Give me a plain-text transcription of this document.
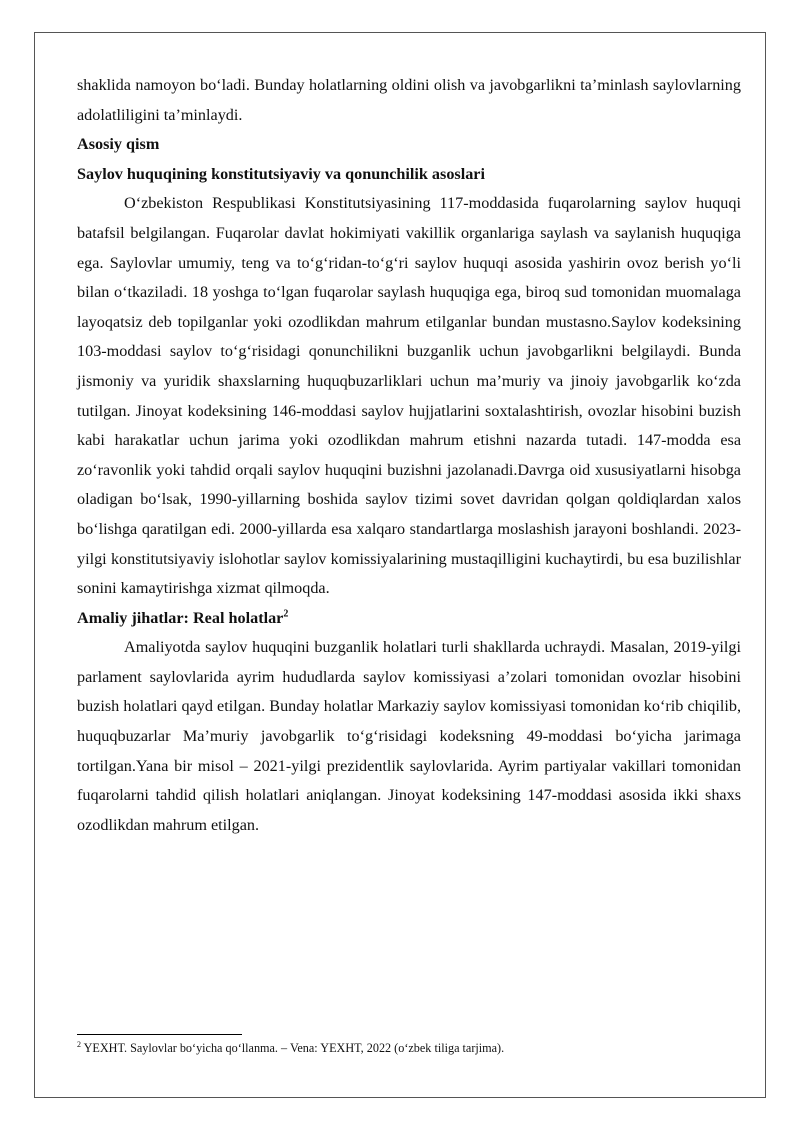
shaklida namoyon bo‘ladi. Bunday holatlarning oldini olish va javobgarlikni ta’minlash saylovlarning adolatliligini ta’minlaydi.

Asosiy qism

Saylov huquqining konstitutsiyaviy va qonunchilik asoslari

O‘zbekiston Respublikasi Konstitutsiyasining 117-moddasida fuqarolarning saylov huquqi batafsil belgilangan. Fuqarolar davlat hokimiyati vakillik organlariga saylash va saylanish huquqiga ega. Saylovlar umumiy, teng va to‘g‘ridan-to‘g‘ri saylov huquqi asosida yashirin ovoz berish yo‘li bilan o‘tkaziladi. 18 yoshga to‘lgan fuqarolar saylash huquqiga ega, biroq sud tomonidan muomalaga layoqatsiz deb topilganlar yoki ozodlikdan mahrum etilganlar bundan mustasno.Saylov kodeksining 103-moddasi saylov to‘g‘risidagi qonunchilikni buzganlik uchun javobgarlikni belgilaydi. Bunda jismoniy va yuridik shaxslarning huquqbuzarliklari uchun ma’muriy va jinoiy javobgarlik ko‘zda tutilgan. Jinoyat kodeksining 146-moddasi saylov hujjatlarini soxtalashtirish, ovozlar hisobini buzish kabi harakatlar uchun jarima yoki ozodlikdan mahrum etishni nazarda tutadi. 147-modda esa zo‘ravonlik yoki tahdid orqali saylov huquqini buzishni jazolanadi.Davrga oid xususiyatlarni hisobga oladigan bo‘lsak, 1990-yillarning boshida saylov tizimi sovet davridan qolgan qoldiqlardan xalos bo‘lishga qaratilgan edi. 2000-yillarda esa xalqaro standartlarga moslashish jarayoni boshlandi. 2023-yilgi konstitutsiyaviy islohotlar saylov komissiyalarining mustaqilligini kuchaytirdi, bu esa buzilishlar sonini kamaytirishga xizmat qilmoqda.

Amaliy jihatlar: Real holatlar$^2$

Amaliyotda saylov huquqini buzganlik holatlari turli shakllarda uchraydi. Masalan, 2019-yilgi parlament saylovlarida ayrim hududlarda saylov komissiyasi a’zolari tomonidan ovozlar hisobini buzish holatlari qayd etilgan. Bunday holatlar Markaziy saylov komissiyasi tomonidan ko‘rib chiqilib, huquqbuzarlar Ma’muriy javobgarlik to‘g‘risidagi kodeksning 49-moddasi bo‘yicha jarimaga tortilgan.Yana bir misol – 2021-yilgi prezidentlik saylovlarida. Ayrim partiyalar vakillari tomonidan fuqarolarni tahdid qilish holatlari aniqlangan. Jinoyat kodeksining 147-moddasi asosida ikki shaxs ozodlikdan mahrum etilgan.

$^2$ YEXHT. Saylovlar bo‘yicha qo‘llanma. – Vena: YEXHT, 2022 (o‘zbek tiliga tarjima).
